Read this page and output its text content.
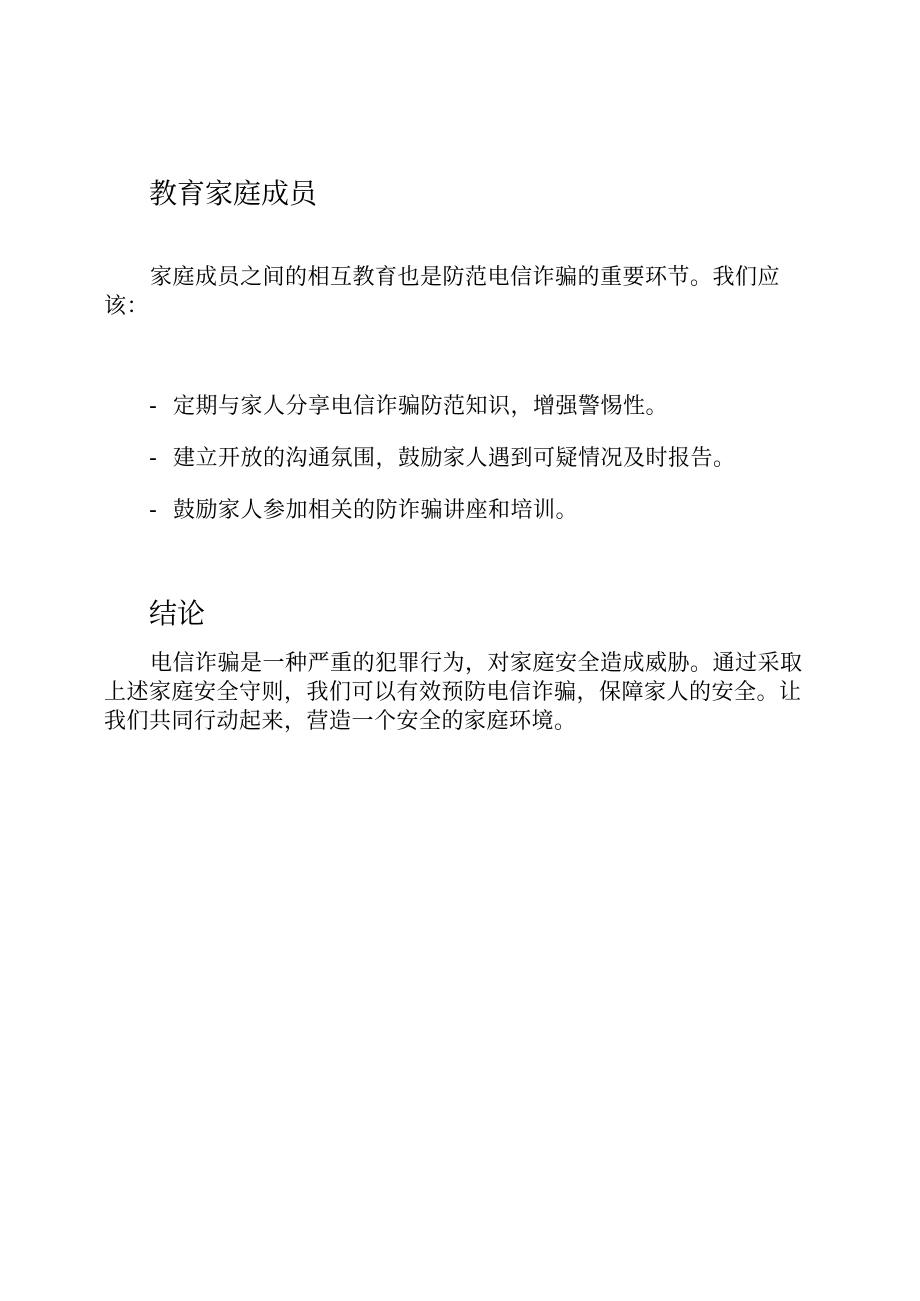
教育家庭成员

家庭成员之间的相互教育也是防范电信诈骗的重要环节。我们应该：

- 定期与家人分享电信诈骗防范知识，增强警惕性。
- 建立开放的沟通氛围，鼓励家人遇到可疑情况及时报告。
- 鼓励家人参加相关的防诈骗讲座和培训。
结论

电信诈骗是一种严重的犯罪行为，对家庭安全造成威胁。通过采取上述家庭安全守则，我们可以有效预防电信诈骗，保障家人的安全。让我们共同行动起来，营造一个安全的家庭环境。
